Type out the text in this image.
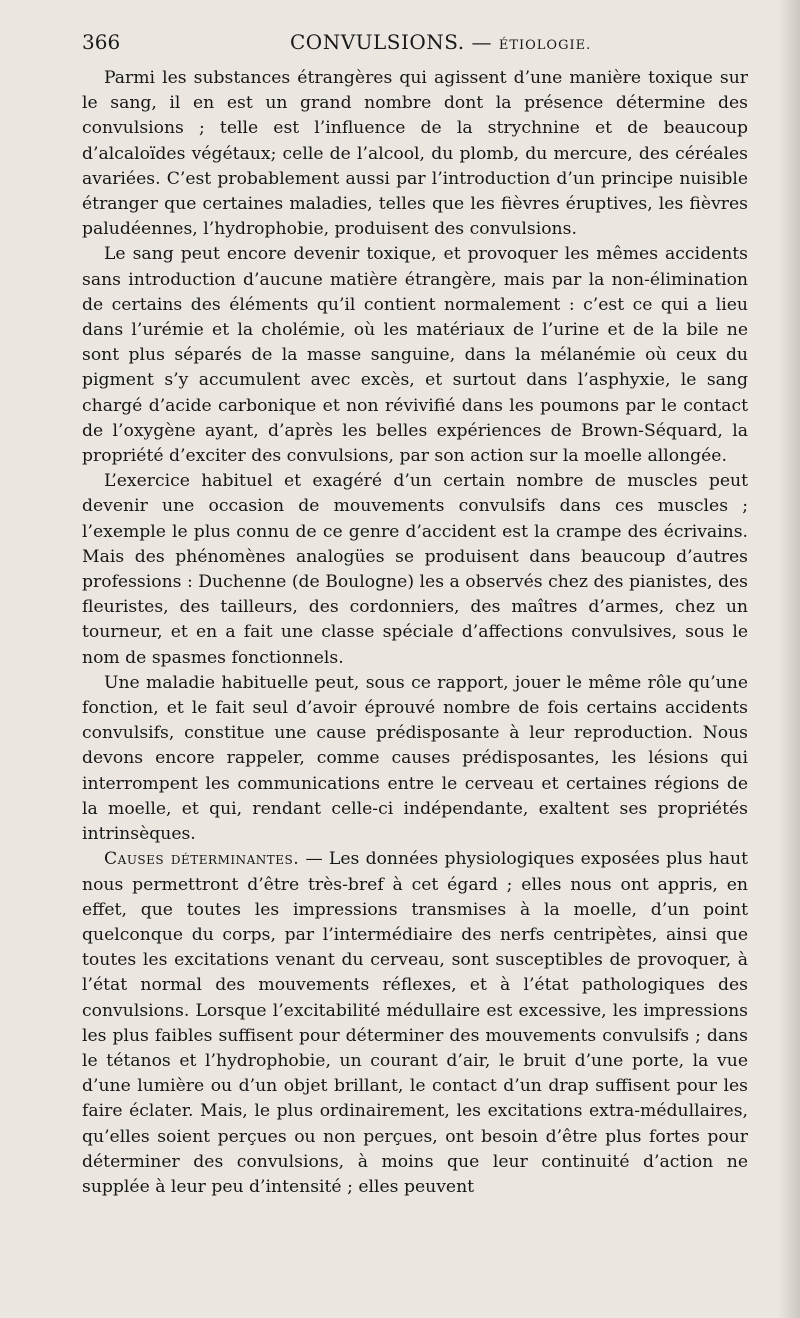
366	CONVULSIONS. — ÉTIOLOGIE.

Parmi les substances étrangères qui agissent d’une manière toxique sur le sang, il en est un grand nombre dont la présence détermine des convulsions ; telle est l’influence de la strychnine et de beaucoup d’alcaloïdes végétaux; celle de l’alcool, du plomb, du mercure, des céréales avariées. C’est probablement aussi par l’introduction d’un principe nuisible étranger que certaines maladies, telles que les fièvres éruptives, les fièvres paludéennes, l’hydrophobie, produisent des convulsions.

Le sang peut encore devenir toxique, et provoquer les mêmes accidents sans introduction d’aucune matière étrangère, mais par la non-élimination de certains des éléments qu’il contient normalement : c’est ce qui a lieu dans l’urémie et la cholémie, où les matériaux de l’urine et de la bile ne sont plus séparés de la masse sanguine, dans la mélanémie où ceux du pigment s’y accumulent avec excès, et surtout dans l’asphyxie, le sang chargé d’acide carbonique et non révivifié dans les poumons par le contact de l’oxygène ayant, d’après les belles expériences de Brown-Séquard, la propriété d’exciter des convulsions, par son action sur la moelle allongée.

L’exercice habituel et exagéré d’un certain nombre de muscles peut devenir une occasion de mouvements convulsifs dans ces muscles ; l’exemple le plus connu de ce genre d’accident est la crampe des écrivains. Mais des phénomènes analogües se produisent dans beaucoup d’autres professions : Duchenne (de Boulogne) les a observés chez des pianistes, des fleuristes, des tailleurs, des cordonniers, des maîtres d’armes, chez un tourneur, et en a fait une classe spéciale d’affections convulsives, sous le nom de spasmes fonctionnels.

Une maladie habituelle peut, sous ce rapport, jouer le même rôle qu’une fonction, et le fait seul d’avoir éprouvé nombre de fois certains accidents convulsifs, constitue une cause prédisposante à leur reproduction. Nous devons encore rappeler, comme causes prédisposantes, les lésions qui interrompent les communications entre le cerveau et certaines régions de la moelle, et qui, rendant celle-ci indépendante, exaltent ses propriétés intrinsèques.

Causes déterminantes. — Les données physiologiques exposées plus haut nous permettront d’être très-bref à cet égard ; elles nous ont appris, en effet, que toutes les impressions transmises à la moelle, d’un point quelconque du corps, par l’intermédiaire des nerfs centripètes, ainsi que toutes les excitations venant du cerveau, sont susceptibles de provoquer, à l’état normal des mouvements réflexes, et à l’état pathologiques des convulsions. Lorsque l’excitabilité médullaire est excessive, les impressions les plus faibles suffisent pour déterminer des mouvements convulsifs ; dans le tétanos et l’hydrophobie, un courant d’air, le bruit d’une porte, la vue d’une lumière ou d’un objet brillant, le contact d’un drap suffisent pour les faire éclater. Mais, le plus ordinairement, les excitations extra-médullaires, qu’elles soient perçues ou non perçues, ont besoin d’être plus fortes pour déterminer des convulsions, à moins que leur continuité d’action ne supplée à leur peu d’intensité ; elles peuvent
